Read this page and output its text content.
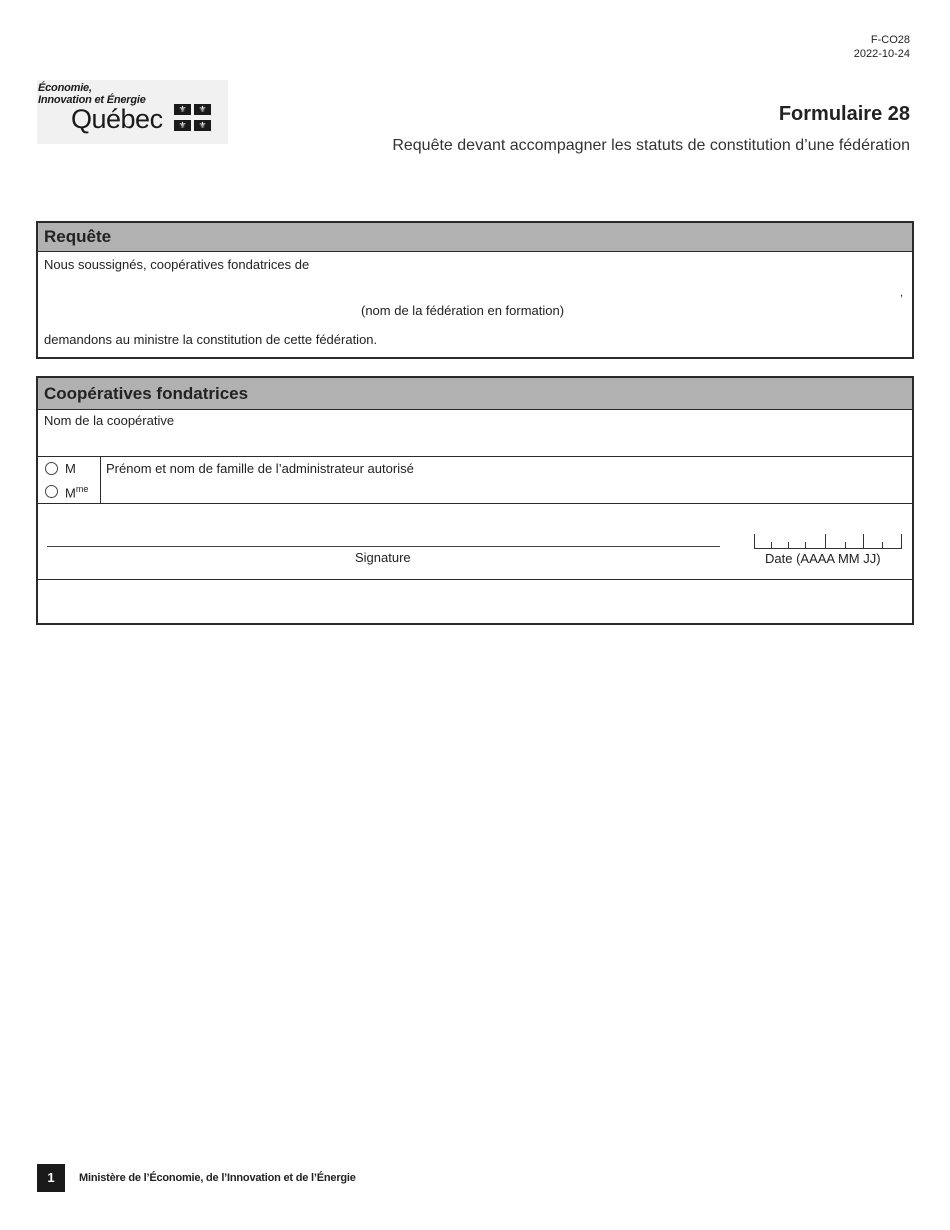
F-CO28
2022-10-24
Économie,
Innovation et Énergie
Québec	⚜	⚜
⚜	⚜	Formulaire 28
Requête devant accompagner les statuts de constitution d’une fédération
Requête
Nous soussignés, coopératives fondatrices de
(nom de la fédération en formation)
,
demandons au ministre la constitution de cette fédération.
Coopératives fondatrices
Nom de la coopérative
M
$M^{me}$
Prénom et nom de famille de l’administrateur autorisé
Signature	Date (AAAA MM JJ)
1	Ministère de l’Économie, de l’Innovation et de l’Énergie
